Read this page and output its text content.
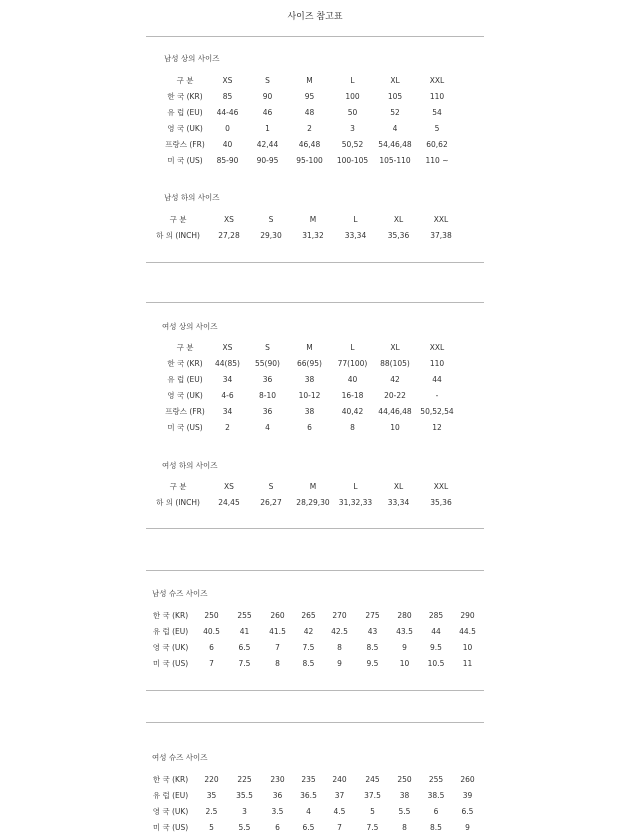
사이즈 참고표
남성 상의 사이즈
구 분	XS	S	M	L	XL	XXL
한 국 (KR)	85	90	95	100	105	110
유 럽 (EU)	44-46	46	48	50	52	54
영 국 (UK)	0	1	2	3	4	5
프랑스 (FR)	40	42,44	46,48	50,52	54,46,48	60,62
미 국 (US)	85-90	90-95	95-100	100-105	105-110	110 ~
남성 하의 사이즈
구 분	XS	S	M	L	XL	XXL
하 의 (INCH)	27,28	29,30	31,32	33,34	35,36	37,38
여성 상의 사이즈
구 분	XS	S	M	L	XL	XXL
한 국 (KR)	44(85)	55(90)	66(95)	77(100)	88(105)	110
유 럽 (EU)	34	36	38	40	42	44
영 국 (UK)	4-6	8-10	10-12	16-18	20-22	-
프랑스 (FR)	34	36	38	40,42	44,46,48	50,52,54
미 국 (US)	2	4	6	8	10	12
여성 하의 사이즈
구 분	XS	S	M	L	XL	XXL
하 의 (INCH)	24,45	26,27	28,29,30	31,32,33	33,34	35,36
남성 슈즈 사이즈
한 국 (KR)	250	255	260	265	270	275	280	285	290
유 럽 (EU)	40.5	41	41.5	42	42.5	43	43.5	44	44.5
영 국 (UK)	6	6.5	7	7.5	8	8.5	9	9.5	10
미 국 (US)	7	7.5	8	8.5	9	9.5	10	10.5	11
여성 슈즈 사이즈
한 국 (KR)	220	225	230	235	240	245	250	255	260
유 럽 (EU)	35	35.5	36	36.5	37	37.5	38	38.5	39
영 국 (UK)	2.5	3	3.5	4	4.5	5	5.5	6	6.5
미 국 (US)	5	5.5	6	6.5	7	7.5	8	8.5	9
